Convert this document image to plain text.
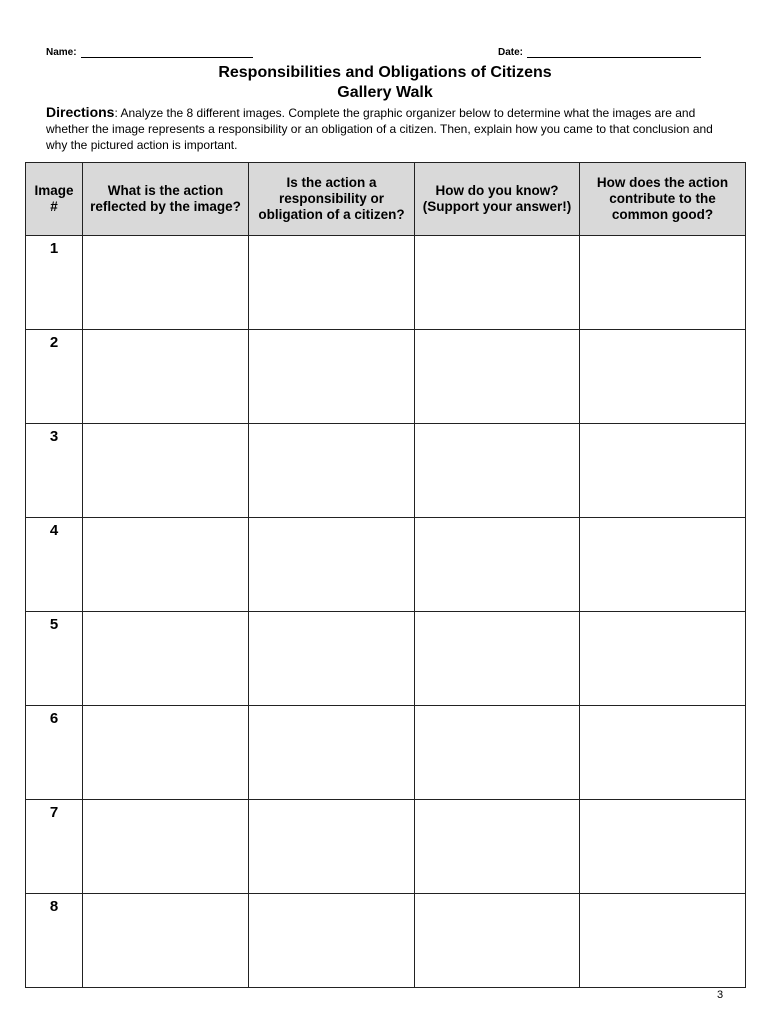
Name:	Date:
Responsibilities and Obligations of Citizens
Gallery Walk
Directions: Analyze the 8 different images. Complete the graphic organizer below to determine what the images are and whether the image represents a responsibility or an obligation of a citizen. Then, explain how you came to that conclusion and why the pictured action is important.
Image #	What is the action reflected by the image?	Is the action a responsibility or obligation of a citizen?	How do you know? (Support your answer!)	How does the action contribute to the common good?
1				
2				
3				
4				
5				
6				
7				
8				
3
